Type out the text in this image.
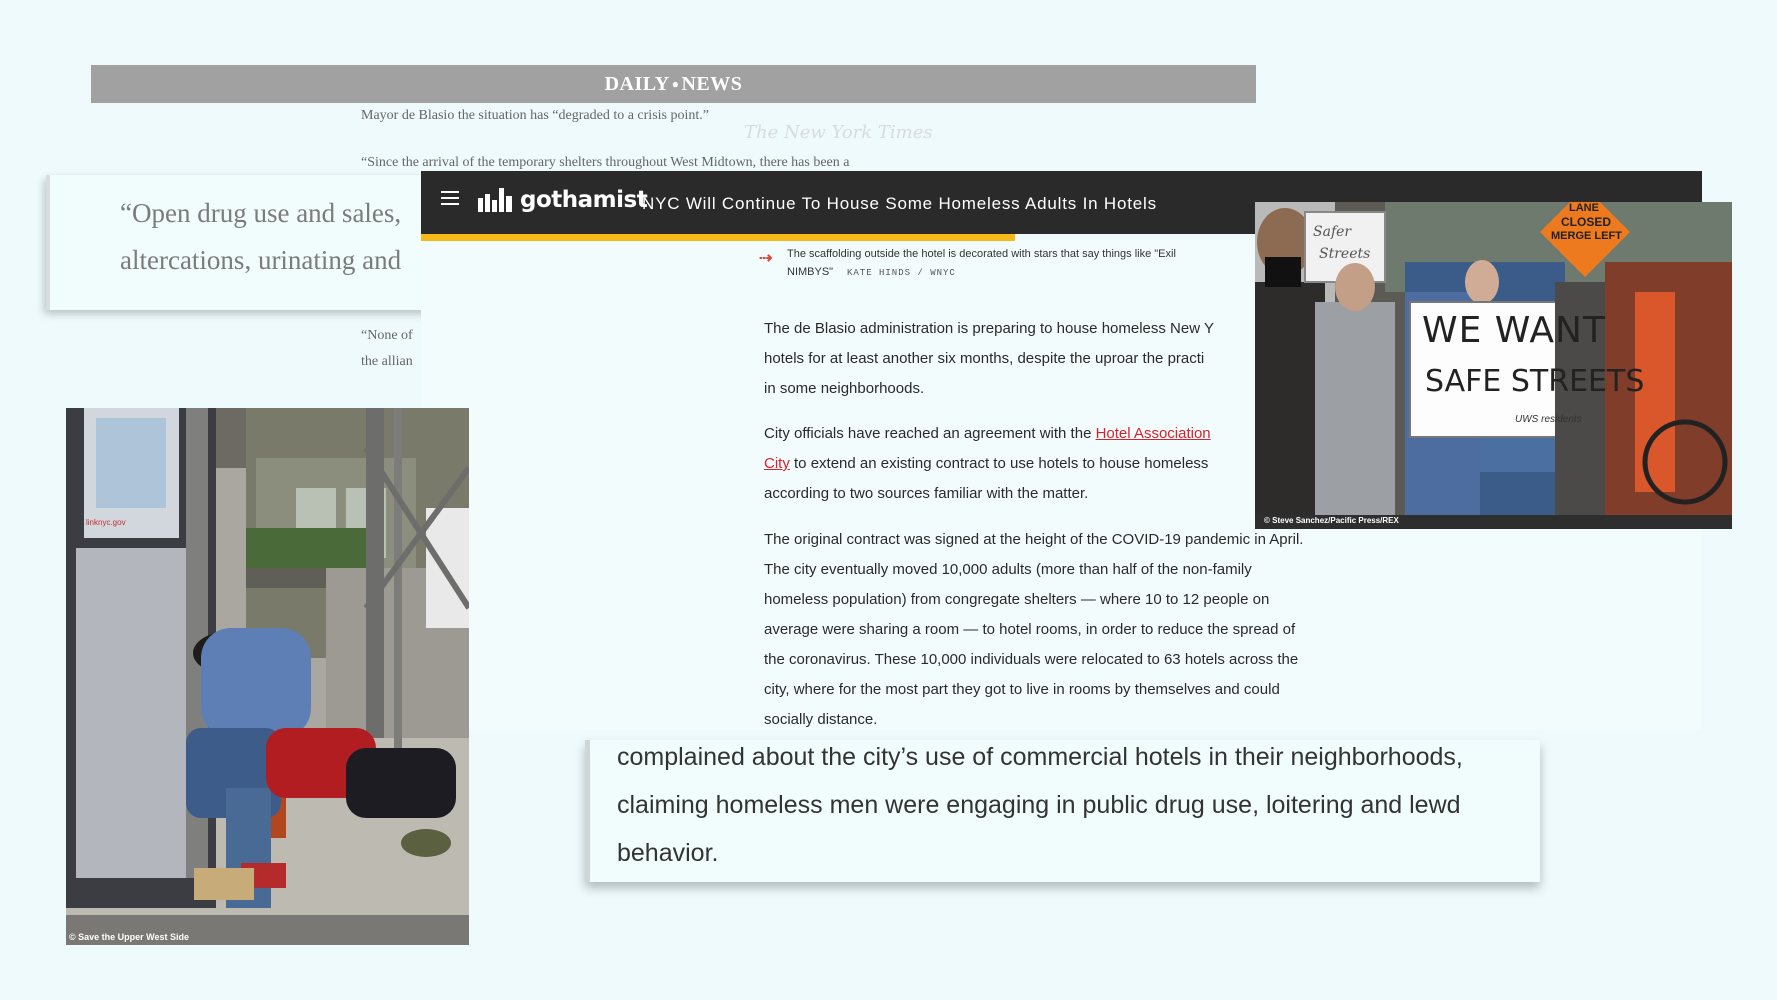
DAILY ● NEWS
Mayor de Blasio the situation has “degraded to a crisis point.”
The New York Times
“Since the arrival of the temporary shelters throughout West Midtown, there has been a
“None of
the allian
“Open drug use and sales,
altercations, urinating and
gothamist
NYC Will Continue To House Some Homeless Adults In Hotels
⇢ The scaffolding outside the hotel is decorated with stars that say things like "Exil
NIMBYS" KATE HINDS / WNYC
The de Blasio administration is preparing to house homeless New Y
hotels for at least another six months, despite the uproar the practi
in some neighborhoods.
City officials have reached an agreement with the Hotel Association
City to extend an existing contract to use hotels to house homeless
according to two sources familiar with the matter.
The original contract was signed at the height of the COVID-19 pandemic in April.
The city eventually moved 10,000 adults (more than half of the non-family
homeless population) from congregate shelters — where 10 to 12 people on
average were sharing a room — to hotel rooms, in order to reduce the spread of
the coronavirus. These 10,000 individuals were relocated to 63 hotels across the
city, where for the most part they got to live in rooms by themselves and could
socially distance.
complained about the city’s use of commercial hotels in their neighborhoods,
claiming homeless men were engaging in public drug use, loitering and lewd
behavior.
linknyc.gov
© Save the Upper West Side
Safer
Streets
WE WANT
SAFE STREETS
UWS residents
LANE
CLOSED
MERGE LEFT
© Steve Sanchez/Pacific Press/REX
